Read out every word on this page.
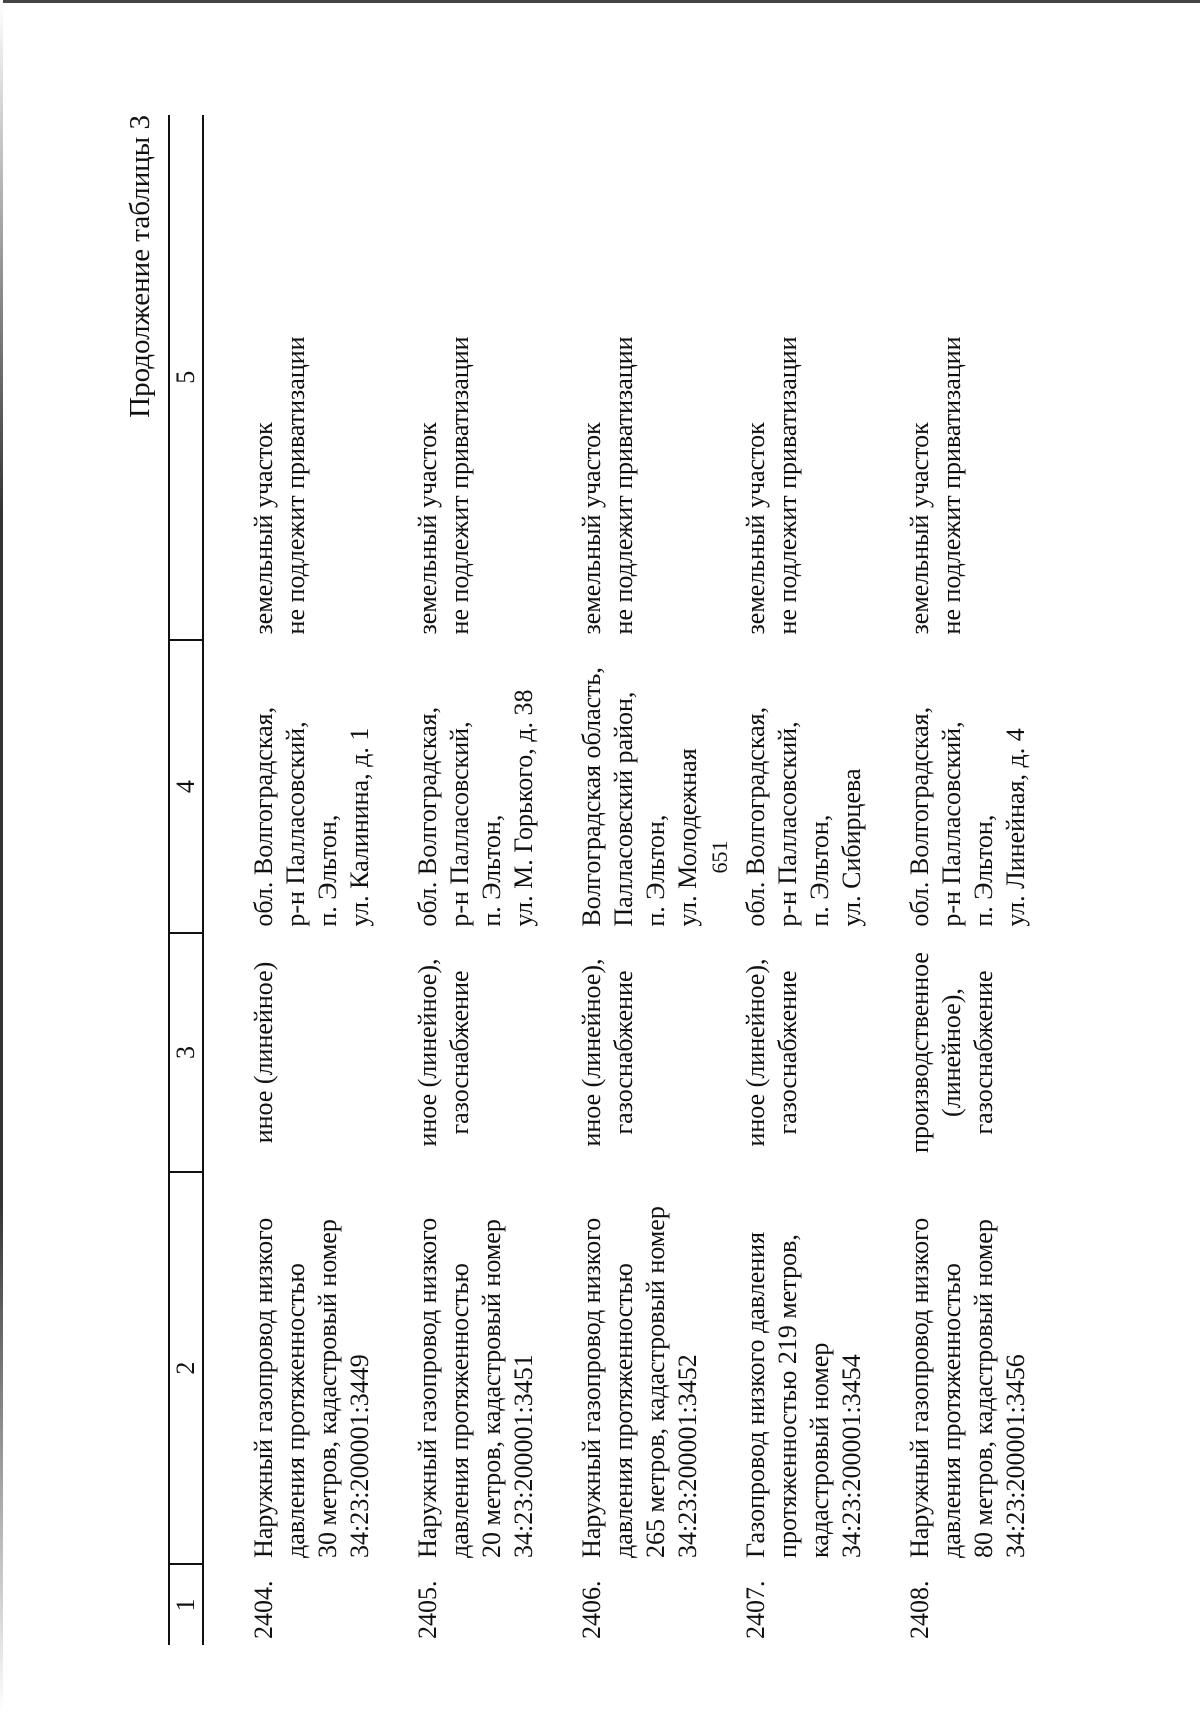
651
Продолжение таблицы 3
1	2	3	4	5
2404.	Наружный газопровод низкого давления протяженностью 30 метров, кадастровый номер 34:23:200001:3449	иное (линейное)	обл. Волгоградская, р-н Палласовский, п. Эльтон, ул. Калинина, д. 1	земельный участок не подлежит приватизации

2405.	Наружный газопровод низкого давления протяженностью 20 метров, кадастровый номер 34:23:200001:3451	иное (линейное), газоснабжение	обл. Волгоградская, р-н Палласовский, п. Эльтон, ул. М. Горького, д. 38	земельный участок не подлежит приватизации

2406.	Наружный газопровод низкого давления протяженностью 265 метров, кадастровый номер 34:23:200001:3452	иное (линейное), газоснабжение	Волгоградская область, Палласовский район, п. Эльтон, ул. Молодежная	земельный участок не подлежит приватизации

2407.	Газопровод низкого давления протяженностью 219 метров, кадастровый номер 34:23:200001:3454	иное (линейное), газоснабжение	обл. Волгоградская, р-н Палласовский, п. Эльтон, ул. Сибирцева	земельный участок не подлежит приватизации

2408.	Наружный газопровод низкого давления протяженностью 80 метров, кадастровый номер 34:23:200001:3456	производственное (линейное), газоснабжение	обл. Волгоградская, р-н Палласовский, п. Эльтон, ул. Линейная, д. 4	земельный участок не подлежит приватизации
